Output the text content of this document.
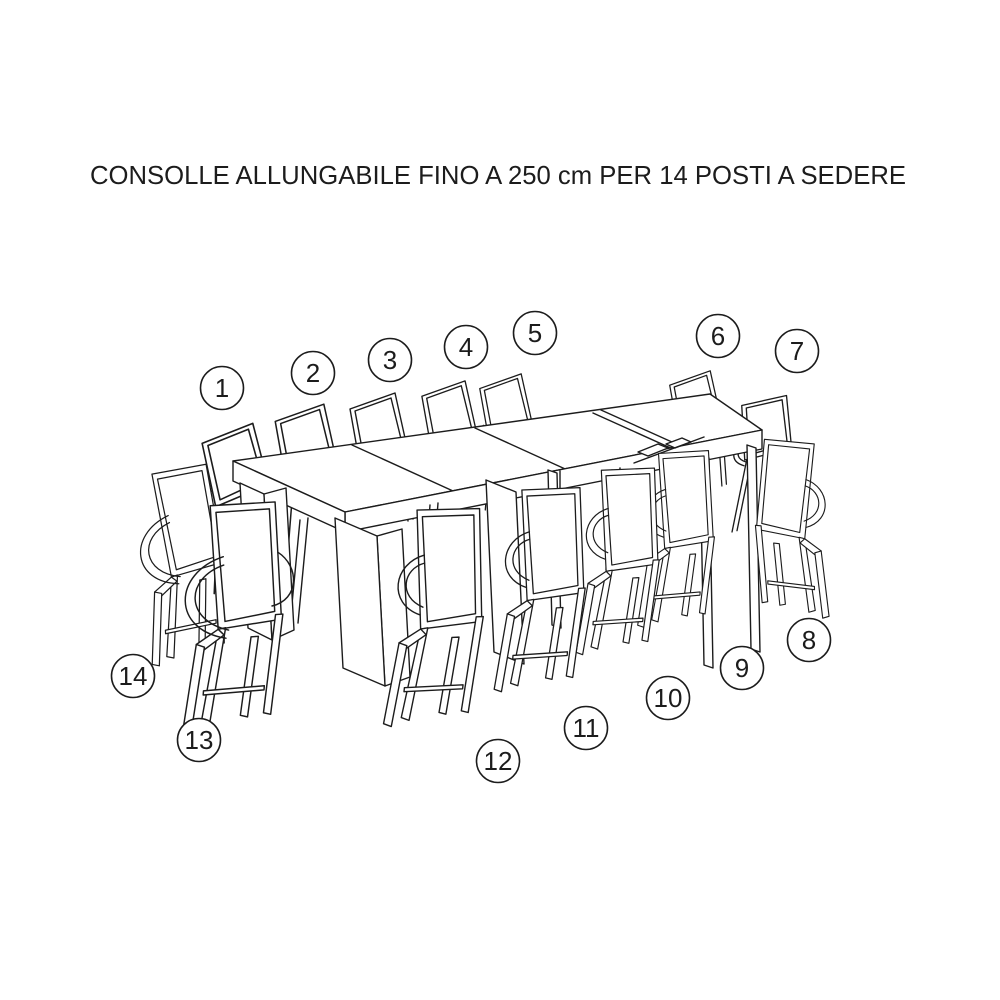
CONSOLLE ALLUNGABILE FINO A 250 cm PER 14 POSTI A SEDERE
1	2 3 4 5	6 7
8
9
10
11
12
13
14
